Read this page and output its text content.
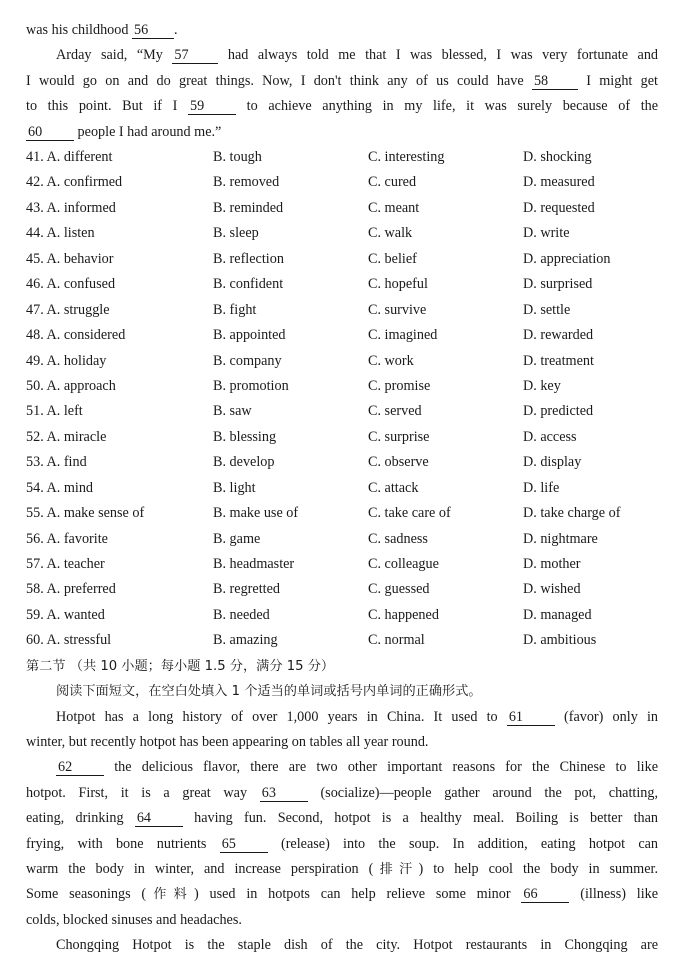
was his childhood 56 .
Arday said, “My 57	had always told me that I was blessed, I was very fortunate and
I would go on and do great things. Now, I don't think any of us could have 58	I might get
to this point. But if I 59	to achieve anything in my life, it was surely because of the
60 people I had around me.”
41. A. different	B. tough	C. interesting	D. shocking
42. A. confirmed	B. removed	C. cured	D. measured
43. A. informed	B. reminded	C. meant	D. requested
44. A. listen	B. sleep	C. walk	D. write
45. A. behavior	B. reflection	C. belief	D. appreciation
46. A. confused	B. confident	C. hopeful	D. surprised
47. A. struggle	B. fight	C. survive	D. settle
48. A. considered	B. appointed	C. imagined	D. rewarded
49. A. holiday	B. company	C. work	D. treatment
50. A. approach	B. promotion	C. promise	D. key
51. A. left	B. saw	C. served	D. predicted
52. A. miracle	B. blessing	C. surprise	D. access
53. A. find	B. develop	C. observe	D. display
54. A. mind	B. light	C. attack	D. life
55. A. make sense of	B. make use of	C. take care of	D. take charge of
56. A. favorite	B. game	C. sadness	D. nightmare
57. A. teacher	B. headmaster	C. colleague	D. mother
58. A. preferred	B. regretted	C. guessed	D. wished
59. A. wanted	B. needed	C. happened	D. managed
60. A. stressful	B. amazing	C. normal	D. ambitious
第二节 （共 10 小题；每小题 1.5 分，满分 15 分）
阅读下面短文，在空白处填入 1 个适当的单词或括号内单词的正确形式。
Hotpot has a long history of over 1,000 years in China. It used to 61	(favor) only in
winter, but recently hotpot has been appearing on tables all year round.
62	the delicious flavor, there are two other important reasons for the Chinese to like
hotpot. First, it is a great way 63	(socialize)—people gather around the pot, chatting,
eating, drinking 64	having fun. Second, hotpot is a healthy meal. Boiling is better than
frying, with bone nutrients 65	(release) into the soup. In addition, eating hotpot can
warm the body in winter, and increase perspiration (排汗) to help cool the body in summer.
Some seasonings (作料) used in hotpots can help relieve some minor 66	(illness) like
colds, blocked sinuses and headaches.
Chongqing Hotpot is the staple dish of the city. Hotpot restaurants in Chongqing are
